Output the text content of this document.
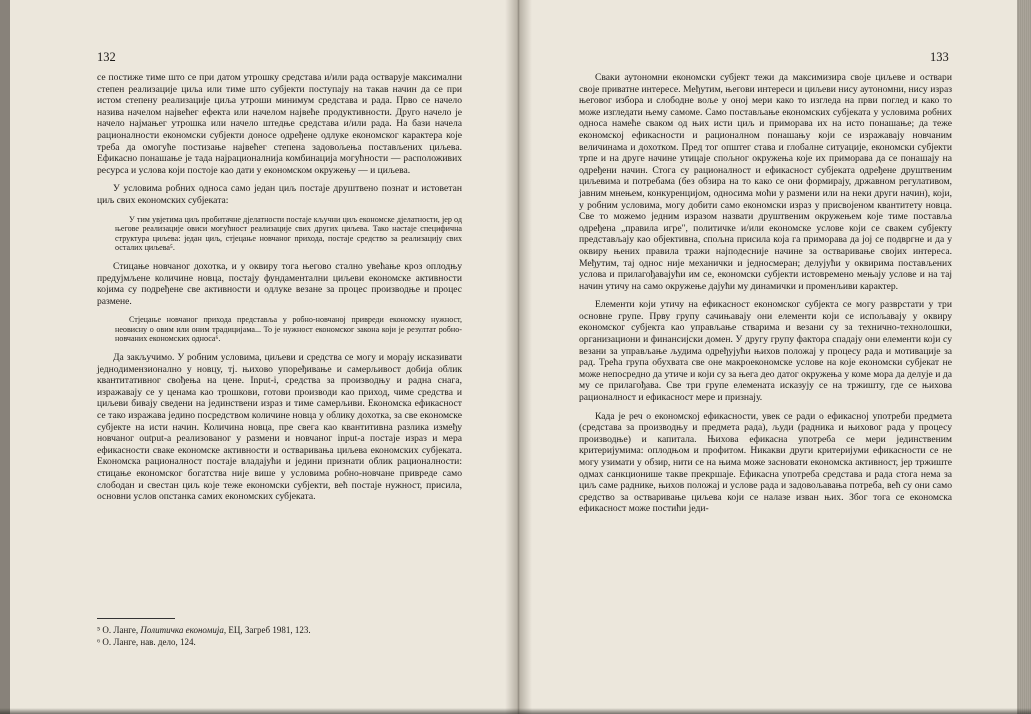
132

се постиже тиме што се при датом утрошку средстава и/или рада остварује максимални степен реализације циља или тиме што субјекти поступају на такав начин да се при истом степену реализације циља утроши минимум средстава и рада. Прво се начело назива начелом највећег ефекта или начелом највеће продуктивности. Друго начело је начело најмањег утрошка или начело штедње средстава и/или рада. На бази начела рационалности економски субјекти доносе одређене одлуке економског карактера које треба да омогуће постизање највећег степена задовољења постављених циљева. Ефикасно понашање је тада најрационалнија комбинација могућности — расположивих ресурса и услова који постоје као дати у економском окружењу — и циљева.

У условима робних односа само један циљ постаје друштвено познат и истоветан циљ свих економских субјеката:

У тим увјетима циљ пробитачне дјелатности постаје кључни циљ економске дјелатности, јер од његове реализације овиси могућност реализације свих других циљева. Тако настаје специфична структура циљева: један циљ, стјецање новчаног прихода, постаје средство за реализацију свих осталих циљева⁵.

Стицање новчаног дохотка, и у оквиру тога његово стално увећање кроз оплодњу предујмљене количине новца, постају фундаментални циљеви економске активности којима су подређене све активности и одлуке везане за процес производње и процес размене.

Стјецање новчаног прихода представља у робно-новчаној привреди економску нужност, неовисну о овим или оним традицијама... То је нужност економског закона који је резултат робно-новчаних економских односа⁶.

Да закључимо. У робним условима, циљеви и средства се могу и морају исказивати једнодимензионално у новцу, тј. њихово упоређивање и самерљивост добија облик квантитативног свођења на цене. Input-i, средства за производњу и радна снага, изражавају се у ценама као трошкови, готови производи као приход, чиме средства и циљеви бивају сведени на јединствени израз и тиме самерљиви. Економска ефикасност се тако изражава једино посредством количине новца у облику дохотка, за све економске субјекте на исти начин. Количина новца, пре свега као квантитивна разлика између новчаног output-a реализованог у размени и новчаног input-a постаје израз и мера ефикасности сваке економске активности и остваривања циљева економских субјеката. Економска рационалност постаје владајући и једини признати облик рационалности: стицање економског богатства није више у условима робно-новчане привреде само слободан и свестан циљ које теже економски субјекти, већ постаје нужност, присила, основни услов опстанка самих економских субјеката.

⁵ О. Ланге, Политичка економија, ЕЦ, Загреб 1981, 123.
⁶ О. Ланге, нав. дело, 124.
133

Сваки аутономни економски субјект тежи да максимизира своје циљеве и оствари своје приватне интересе. Међутим, његови интереси и циљеви нису аутономни, нису израз његовог избора и слободне воље у оној мери како то изгледа на први поглед и како то може изгледати њему самоме. Само постављање економских субјеката у условима робних односа намеће сваком од њих исти циљ и приморава их на исто понашање; да теже економској ефикасности и рационалном понашању који се изражавају новчаним величинама и дохотком. Пред тог општег става и глобалне ситуације, економски субјекти трпе и на друге начине утицаје спољног окружења које их приморава да се понашају на одређени начин. Стога су рационалност и ефикасност субјеката одређене друштвеним циљевима и потребама (без обзира на то како се они формирају, државном регулативом, јавним мнењем, конкуренцијом, односима моћи у размени или на неки други начин), који, у робним условима, могу добити само економски израз у присвојеном квантитету новца. Све то можемо једним изразом назвати друштвеним окружењем које тиме поставља одређена „правила игре", политичке и/или економске услове који се свакем субјекту представљају као објективна, спољна присила која га приморава да јој се подвргне и да у оквиру њених правила тражи најподесније начине за остваривање својих интереса. Међутим, тај однос није механички и једносмеран; делујући у оквирима постављених услова и прилагођавајући им се, економски субјекти истовремено мењају услове и на тај начин утичу на само окружење дајући му динамички и променљиви карактер.

Елементи који утичу на ефикасност економског субјекта се могу разврстати у три основне групе. Прву групу сачињавају они елементи који се испољавају у оквиру економског субјекта као управљање стварима и везани су за технично-технолошки, организациони и финансијски домен. У другу групу фактора спадају они елементи који су везани за управљање људима одређујући њихов положај у процесу рада и мотивације за рад. Трећа група обухвата све оне макроекономске услове на које економски субјекат не може непосредно да утиче и који су за њега део датог окружења у коме мора да делује и да му се прилагођава. Све три групе елемената исказују се на тржишту, где се њихова рационалност и ефикасност мере и признају.

Када је реч о економској ефикасности, увек се ради о ефикасној употреби предмета (средстава за производњу и предмета рада), људи (радника и њиховог рада у процесу производње) и капитала. Њихова ефикасна употреба се мери јединственим критеријумима: оплодњом и профитом. Никакви други критеријуми ефикасности се не могу узимати у обзир, нити се на њима може засновати економска активност, јер тржиште одмах санкционише такве прекршаје. Ефикасна употреба средстава и рада стога нема за циљ саме раднике, њихов положај и услове рада и задовољавања потреба, већ су они само средство за остваривање циљева који се налазе изван њих. Због тога се економска ефикасност може постићи једи-
